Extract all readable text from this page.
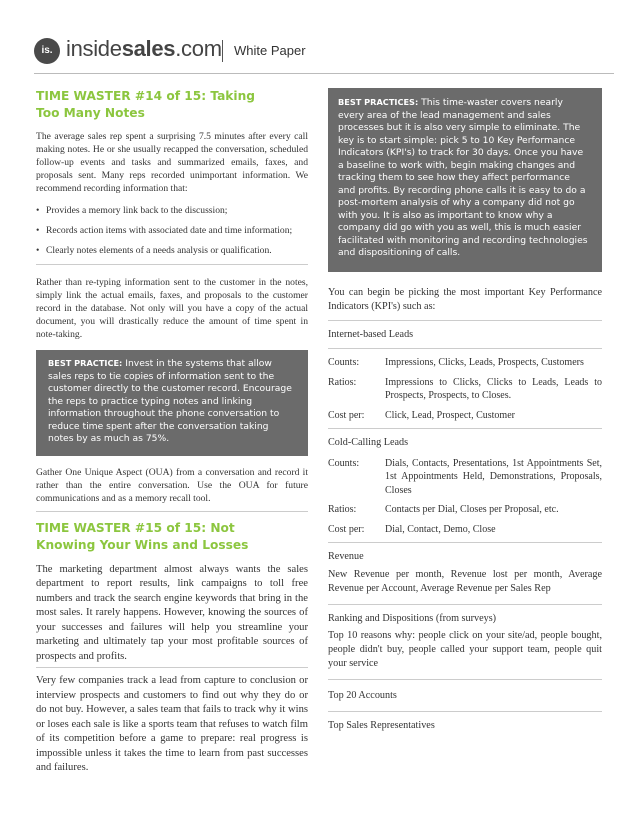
is. insidesales.com White Paper
TIME WASTER #14 of 15: Taking Too Many Notes

The average sales rep spent a surprising 7.5 minutes after every call making notes. He or she usually recapped the conversation, scheduled follow-up events and tasks and summarized emails, faxes, and proposals sent. Many reps recorded unimportant information. We recommend recording information that:

• Provides a memory link back to the discussion;
• Records action items with associated date and time information;
• Clearly notes elements of a needs analysis or qualification.

Rather than re-typing information sent to the customer in the notes, simply link the actual emails, faxes, and proposals to the customer record in the database. Not only will you have a copy of the actual document, you will drastically reduce the amount of time spent in note-taking.

BEST PRACTICE: Invest in the systems that allow sales reps to tie copies of information sent to the customer directly to the customer record. Encourage the reps to practice typing notes and linking information throughout the phone conversation to reduce time spent after the conversation taking notes by as much as 75%.

Gather One Unique Aspect (OUA) from a conversation and record it rather than the entire conversation. Use the OUA for future communications and as a memory recall tool.

TIME WASTER #15 of 15: Not Knowing Your Wins and Losses

The marketing department almost always wants the sales department to report results, link campaigns to toll free numbers and track the search engine keywords that bring in the most sales. It rarely happens. However, knowing the sources of your successes and failures will help you streamline your marketing and ultimately tap your most profitable sources of prospects and profits.

Very few companies track a lead from capture to conclusion or interview prospects and customers to find out why they do or do not buy. However, a sales team that fails to track why it wins or loses each sale is like a sports team that refuses to watch film of its competition before a game to prepare: real progress is impossible unless it takes the time to learn from past successes and failures.

BEST PRACTICES: This time-waster covers nearly every area of the lead management and sales processes but it is also very simple to eliminate. The key is to start simple: pick 5 to 10 Key Performance Indicators (KPI's) to track for 30 days. Once you have a baseline to work with, begin making changes and tracking them to see how they affect performance and profits. By recording phone calls it is easy to do a post-mortem analysis of why a company did not go with you. It is also as important to know why a company did go with you as well, this is much easier facilitated with monitoring and recording technologies and dispositioning of calls.

You can begin be picking the most important Key Performance Indicators (KPI's) such as:

Internet-based Leads

Counts:	Impressions, Clicks, Leads, Prospects, Customers
Ratios:	Impressions to Clicks, Clicks to Leads, Leads to Prospects, Prospects, to Closes.
Cost per:	Click, Lead, Prospect, Customer

Cold-Calling Leads

Counts:	Dials, Contacts, Presentations, 1st Appointments Set, 1st Appointments Held, Demonstrations, Proposals, Closes
Ratios:	Contacts per Dial, Closes per Proposal, etc.
Cost per:	Dial, Contact, Demo, Close

Revenue

New Revenue per month, Revenue lost per month, Average Revenue per Account, Average Revenue per Sales Rep

Ranking and Dispositions (from surveys)

Top 10 reasons why: people click on your site/ad, people bought, people didn't buy, people called your support team, people quit your service

Top 20 Accounts

Top Sales Representatives
